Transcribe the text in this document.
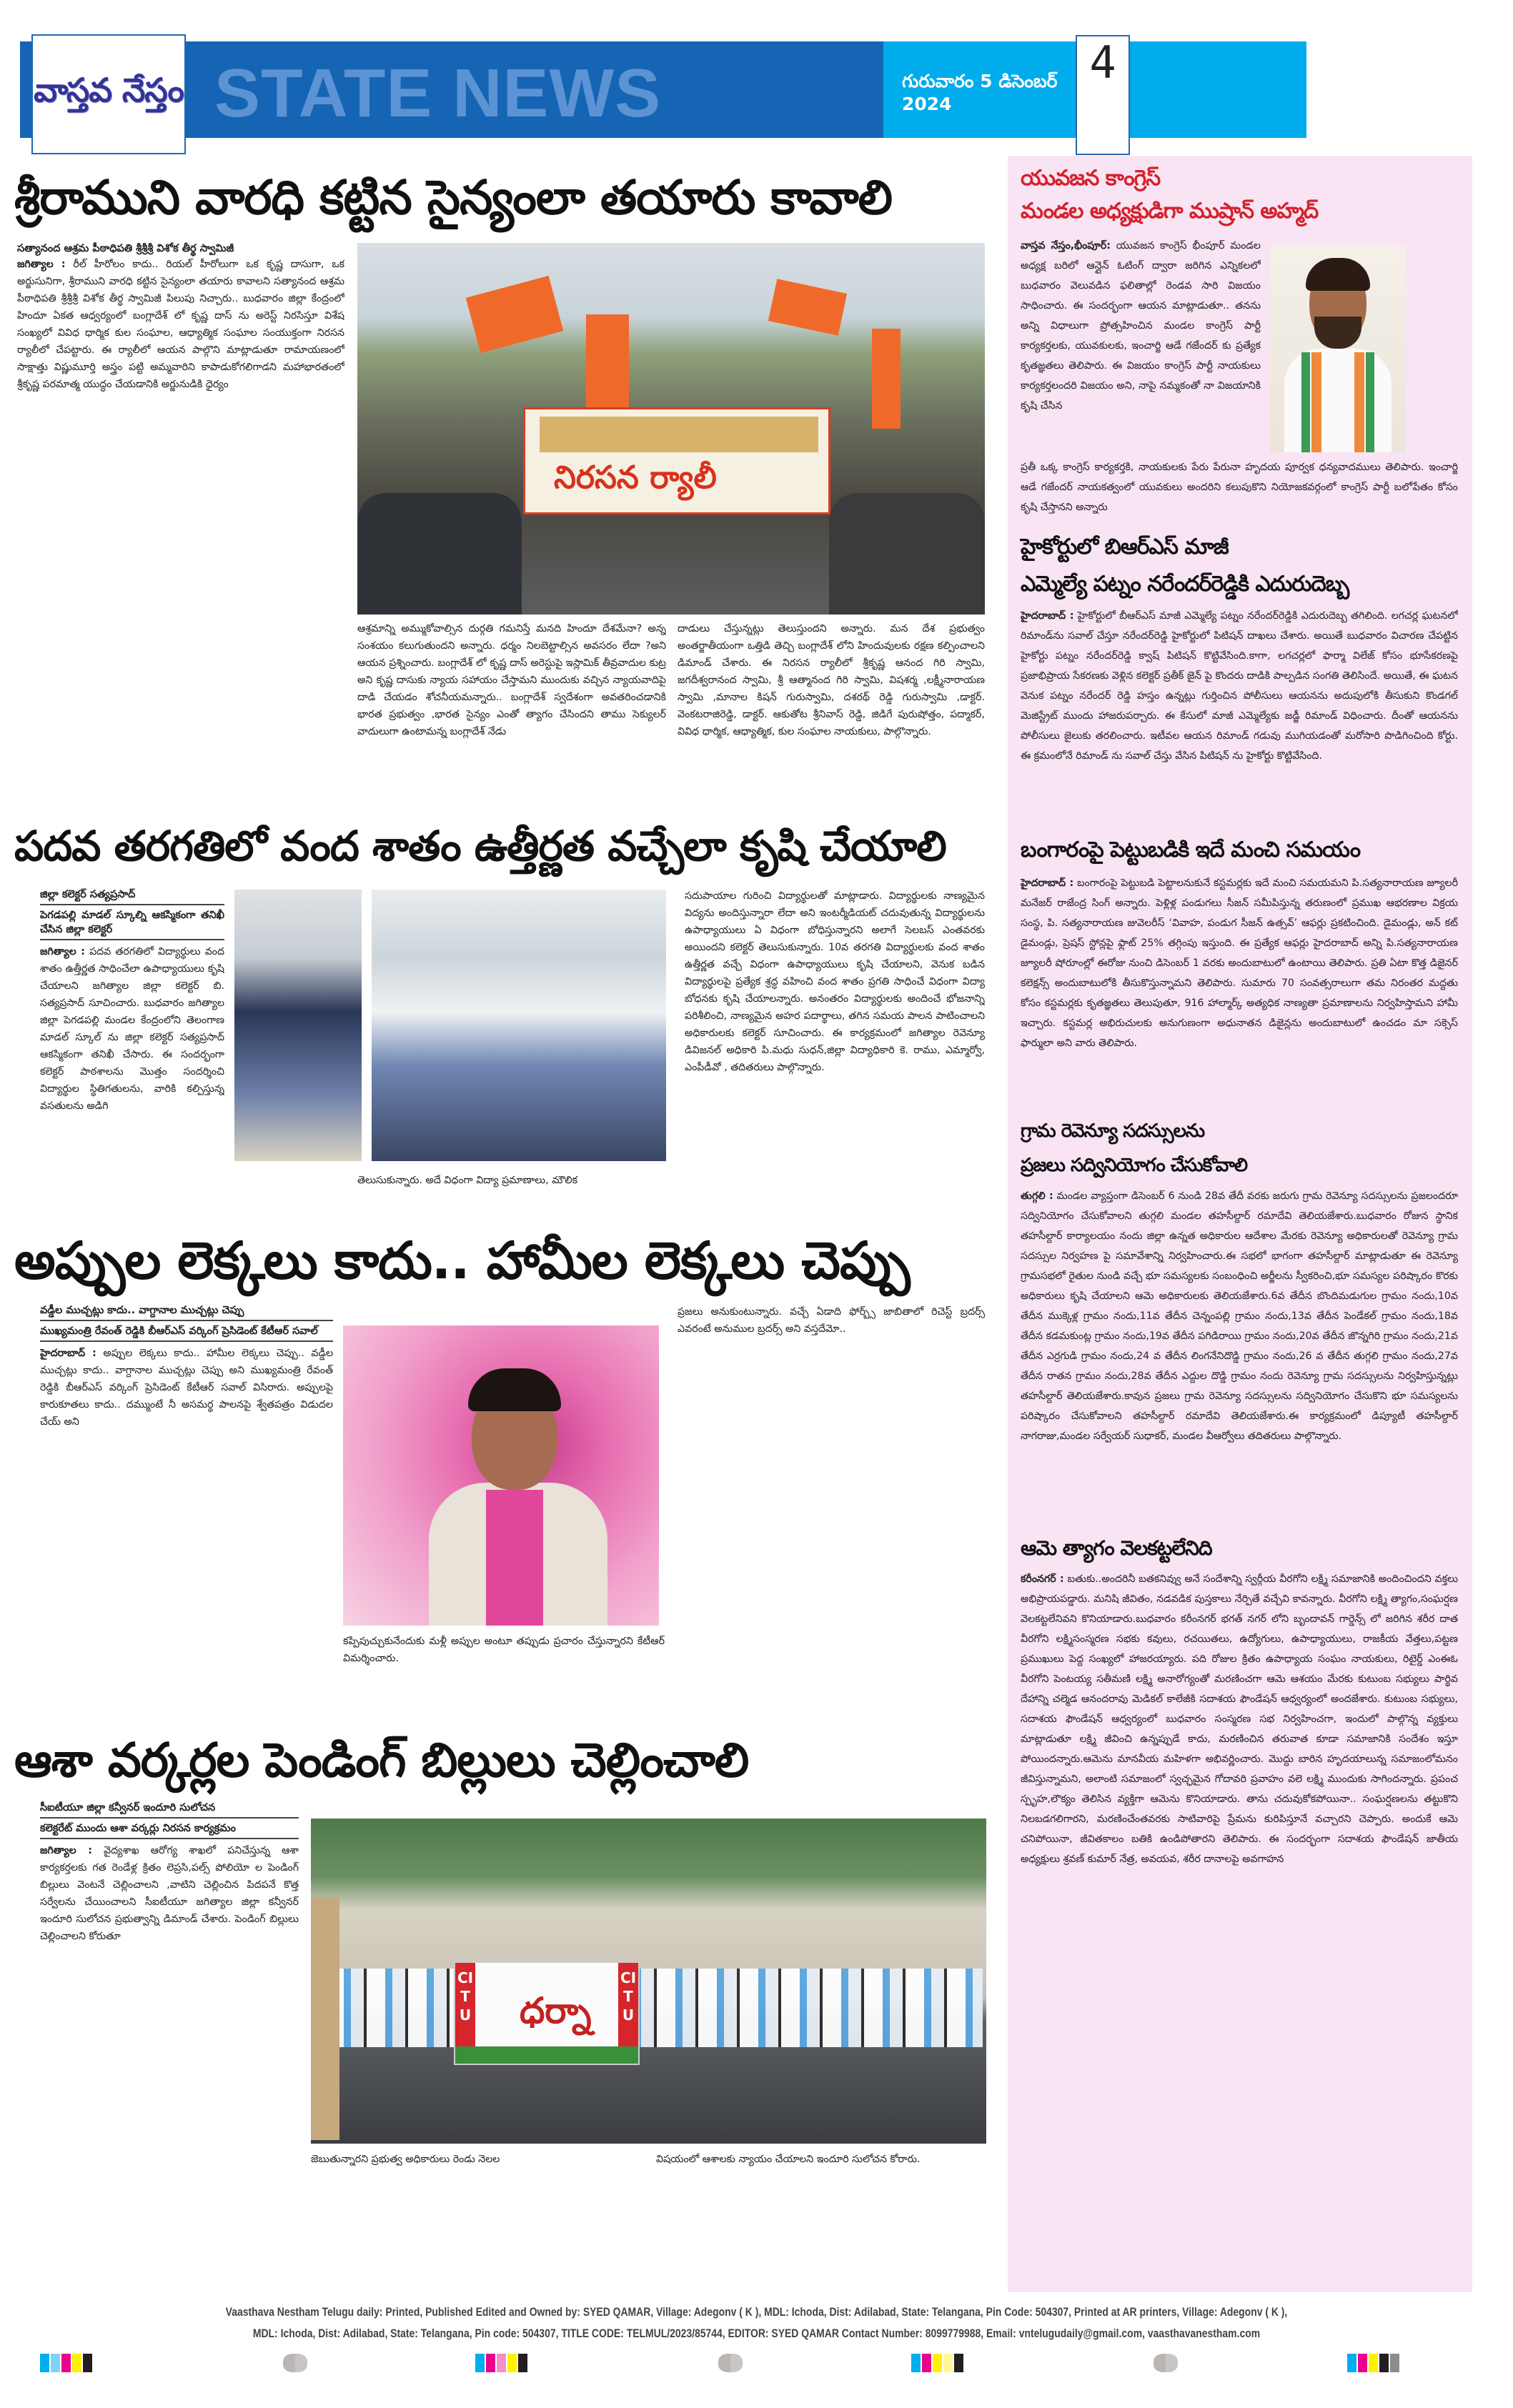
వాస్తవ నేస్తం STATE NEWS	గురువారం 5 డిసెంబర్ 2024
4
శ్రీరాముని వారధి కట్టిన సైన్యంలా తయారు కావాలి
సత్యానంద ఆశ్రమ పీఠాధిపతి శ్రీశ్రీశ్రీ విశోక తీర్థ స్వామిజీ
జగిత్యాల : రీల్ హీరోలం కాదు.. రియల్ హీరోలుగా ఒక కృష్ణ దాసుగా, ఒక అర్జుసునిగా, శ్రీరాముని వారధి కట్టిన సైన్యంలా తయారు కావాలని సత్యానంద ఆశ్రమ పీఠాధిపతి శ్రీశ్రీశ్రీ విశోక తీర్థ స్వామిజీ పిలుపు నిచ్చారు.. బుధవారం జిల్లా కేంద్రంలో హిందూ ఏకత ఆధ్వర్యంలో బంగ్లాదేశ్ లో కృష్ణ దాస్ ను అరెస్ట్ నిరసిస్తూ విశేష సంఖ్యలో వివిధ ధార్మిక కుల సంఘాల, ఆధ్యాత్మిక సంఘాల సంయుక్తంగా నిరసన ర్యాలీలో చేపట్టారు. ఈ ర్యాలీలో ఆయన పాల్గొని మాట్లాడుతూ రామాయణంలో సాక్షాత్తు విష్ణుమూర్తి అస్త్రం పట్టి అమ్మవారిని కాపాడుకోగలిగాడని మహాభారతంలో శ్రీకృష్ణ పరమాత్మ యుద్ధం చేయడానికి అర్జునుడికి ధైర్యం
నిరసన ర్యాలీ
ఆశ్రమాన్ని అమ్ముకోవాల్సిన దుర్గతి గమనిస్తే మనది హిందూ దేశమేనా? అన్న సంశయం కలుగుతుందని అన్నారు. ధర్మం నిలబెట్టాల్సిన అవసరం లేదా ?అని ఆయన ప్రశ్నించారు. బంగ్లాదేశ్ లో కృష్ణ దాస్ అరెస్టుపై ఇస్లామిక్ తీవ్రవాదుల కుట్ర అని కృష్ణ దాసుకు న్యాయ సహాయం చేస్తామని ముందుకు వచ్చిన న్యాయవాదిపై దాడి చేయడం శోచనీయమన్నారు.. బంగ్లాదేశ్ స్వదేశంగా అవతరించడానికి భారత ప్రభుత్వం ,భారత సైన్యం ఎంతో త్యాగం చేసిందని తాము సెక్యులర్ వాదులుగా ఉంటామన్న బంగ్లాదేశ్ నేడు
దాడులు చేస్తున్నట్లు తెలుస్తుందని అన్నారు. మన దేశ ప్రభుత్వం అంతర్జాతీయంగా ఒత్తిడి తెచ్చి బంగ్లాదేశ్ లోని హిందువులకు రక్షణ కల్పించాలని డిమాండ్ చేశారు. ఈ నిరసన ర్యాలీలో శ్రీకృష్ణ ఆనంద గిరి స్వామి, జగదీశ్వరానంద స్వామి, శ్రీ ఆత్మానంద గిరి స్వామి, విషశర్మ ,లక్ష్మీనారాయణ స్వామి ,మానాల కిషన్ గురుస్వామి, దశరథ్ రెడ్డి గురుస్వామి ,డాక్టర్. వెంకటరాజిరెడ్డి, డాక్టర్. ఆకుతోట శ్రీనివాస్ రెడ్డి, జిడిగే పురుషోత్తం, పద్మాకర్, వివిధ ధార్మిక, ఆధ్యాత్మిక, కుల సంఘాల నాయకులు, పాల్గొన్నారు.
పదవ తరగతిలో వంద శాతం ఉత్తీర్ణత వచ్చేలా కృషి చేయాలి
జిల్లా కలెక్టర్ సత్యప్రసాద్
పెగడపల్లి మాడల్ స్కూల్ని ఆకస్మికంగా తనిఖీ చేసిన జిల్లా కలెక్టర్
జగిత్యాల : పదవ తరగతిలో విద్యార్థులు వంద శాతం ఉత్తీర్ణత సాధించేలా ఉపాధ్యాయులు కృషి చేయాలని జగిత్యాల జిల్లా కలెక్టర్ బి. సత్యప్రసాద్ సూచించారు. బుధవారం జగిత్యాల జిల్లా పెగడపల్లి మండల కేంద్రంలోని తెలంగాణ మాడల్ స్కూల్ ను జిల్లా కలెక్టర్ సత్యప్రసాద్ ఆకస్మికంగా తనిఖీ చేసారు. ఈ సందర్భంగా కలెక్టర్ పాఠశాలను మొత్తం సందర్శించి విద్యార్థుల స్థితిగతులను, వారికి కల్పిస్తున్న వసతులను అడిగి
తెలుసుకున్నారు. అదే విధంగా విద్యా ప్రమాణాలు, మౌలిక
సదుపాయాల గురించి విద్యార్థులతో మాట్లాడారు. విద్యార్థులకు నాణ్యమైన విద్యను అందిస్తున్నారా లేదా అని ఇంటర్మీడియట్ చదువుతున్న విద్యార్థులను ఉపాధ్యాయులు ఏ విధంగా బోధిస్తున్నారని అలాగే సెలబస్ ఎంతవరకు అయిందని కలెక్టర్ తెలుసుకున్నారు. 10వ తరగతి విద్యార్థులకు వంద శాతం ఉత్తీర్ణత వచ్చే విధంగా ఉపాధ్యాయులు కృషి చేయాలని, వెనుక బడిన విద్యార్థులపై ప్రత్యేక శ్రద్ధ వహించి వంద శాతం ప్రగతి సాధించే విధంగా విద్యా బోధనకు కృషి చేయాలన్నారు. అనంతరం విద్యార్థులకు అందించే భోజనాన్ని పరిశీలించి, నాణ్యమైన అహర పదార్థాలు, తగిన సమయ పాలన పాటించాలని అధికారులకు కలెక్టర్ సూచించారు. ఈ కార్యక్రమంలో జగిత్యాల రెవెన్యూ డివిజనల్ అధికారి పి.మధు సుధన్,జిల్లా విద్యాధికారి కె. రాము, ఎమ్మార్వో, ఎంపీడీవో , తదితరులు పాల్గొన్నారు.
అప్పుల లెక్కలు కాదు.. హామీల లెక్కలు చెప్పు
వడ్డీల ముచ్చట్లు కాదు.. వాగ్దానాల ముచ్చట్లు చెప్పు
ముఖ్యమంత్రి రేవంత్ రెడ్డికి బీఆర్ఎస్ వర్కింగ్ ప్రెసిడెంట్ కేటీఆర్ సవాల్
హైదరాబాద్ : అప్పుల లెక్కలు కాదు.. హామీల లెక్కలు చెప్పు.. వడ్డీల ముచ్చట్లు కాదు.. వాగ్దానాల ముచ్చట్లు చెప్పు అని ముఖ్యమంత్రి రేవంత్ రెడ్డికి బీఆర్ఎస్ వర్కింగ్ ప్రెసిడెంట్ కేటీఆర్ సవాల్ విసిరారు. అప్పులపై కారుకూతలు కాదు.. దమ్ముంటే నీ అసమర్థ పాలనపై శ్వేతపత్రం విడుదల చేయ్ అని
కప్పిపుచ్చుకునేందుకు మళ్లీ అప్పుల అంటూ తప్పుడు ప్రచారం చేస్తున్నారని కేటీఆర్ విమర్శించారు.
ప్రజలు అనుకుంటున్నారు. వచ్చే ఏడాది ఫోర్బ్స్ జాబితాలో రిచెస్ట్ బ్రదర్స్ ఎవరంటే అనుముల బ్రదర్స్ అని వస్తదేమో..
ఆశా వర్కర్లల పెండింగ్ బిల్లులు చెల్లించాలి
సీఐటీయూ జిల్లా కన్వీనర్ ఇందూరి సులోచన
కలెక్టరేట్ ముందు ఆశా వర్కర్లు నిరసన కార్యక్రమం
జగిత్యాల : వైద్యశాఖ ఆరోగ్య శాఖలో పనిచేస్తున్న ఆశా కార్యకర్తలకు గత రెండేళ్ల క్రితం లెప్రసి,పల్స్ పోలియో ల పెండింగ్ బిల్లులు వెంటనే చెల్లించాలని ,వాటిని చెల్లించిన పిదపనే కొత్త సర్వేలను చేయించాలని సీఐటీయూ జగిత్యాల జిల్లా కన్వీనర్ ఇందూరి సులోచన ప్రభుత్వాన్ని డిమాండ్ చేశారు. పెండింగ్ బిల్లులు చెల్లించాలని కోరుతూ
CITU
CITU
ధర్నా
జెబుతున్నారని ప్రభుత్వ అధికారులు రెండు నెలల	విషయంలో ఆశాలకు న్యాయం చేయాలని ఇందూరి సులోచన కోరారు.
యువజన కాంగ్రెస్
మండల అధ్యక్షుడిగా ముష్రాన్ అహ్మద్
వాస్తవ నేస్తం,భీంపూర్: యువజన కాంగ్రెస్ భీంపూర్ మండల అధ్యక్ష బరిలో ఆన్లైన్ ఓటింగ్ ద్వారా జరిగిన ఎన్నికలలో బుధవారం వెలువడిన ఫలితాల్లో రెండవ సారి విజయం సాధించారు. ఈ సందర్భంగా ఆయన మాట్లాడుతూ.. తనను అన్ని విధాలుగా ప్రోత్సహించిన మండల కాంగ్రెస్ పార్టీ కార్యకర్తలకు, యువకులకు, ఇంచార్జి ఆడే గజేందర్ కు ప్రత్యేక కృతజ్ఞతలు తెలిపారు. ఈ విజయం కాంగ్రెస్ పార్టీ నాయకులు కార్యకర్తలందరి విజయం అని, నాపై నమ్మకంతో నా విజయానికి కృషి చేసిన
ప్రతీ ఒక్క కాంగ్రెస్ కార్యకర్తకి, నాయకులకు పేరు పేరునా హృదయ పూర్వక ధన్యవాదములు తెలిపారు. ఇంచార్జి ఆడే గజేందర్ నాయకత్వంలో యువకులు అందరిని కలుపుకొని నియోజకవర్గంలో కాంగ్రెస్ పార్టీ బలోపేతం కోసం కృషి చేస్తానని అన్నారు
హైకోర్టులో బిఆర్ఎస్ మాజీ
ఎమ్మెల్యే పట్నం నరేందర్‌రెడ్డికి ఎదురుదెబ్బ
హైదరాబాద్ : హైకోర్టులో బీఆర్ఎస్ మాజీ ఎమ్మెల్యే పట్నం నరేందర్‌రెడ్డికి ఎదురుదెబ్బ తగిలింది. లగచర్ల ఘటనలో రిమాండ్‌ను సవాల్ చేస్తూ నరేందర్‌రెడ్డి హైకోర్టులో పిటిషన్ దాఖలు చేశారు. అయితే బుధవారం విచారణ చేపట్టిన హైకోర్టు పట్నం నరేందర్‌రెడ్డి క్వాష్ పిటిషన్ కొట్టివేసింది.కాగా, లగచర్లలో ఫార్మా విలేజ్ కోసం భూసేకరణపై ప్రజాభిప్రాయ సేకరణకు వెళ్లిన కలెక్టర్ ప్రతీక్ జైన్ పై కొందరు దాడికి పాల్పడిన సంగతి తెలిసిందే. అయితే, ఈ ఘటన వెనుక పట్నం నరేందర్ రెడ్డి హస్తం ఉన్నట్లు గుర్తించిన పోలీసులు ఆయనను అదుపులోకి తీసుకుని కొండగల్ మెజిస్ట్రేట్ ముందు హాజరుపర్చారు. ఈ కేసులో మాజీ ఎమ్మెల్యేకు జడ్జీ రిమాండ్ విధించారు. దీంతో ఆయనను పోలీసులు జైలుకు తరలించారు. ఇటీవల ఆయన రిమాండ్ గడువు ముగియడంతో మరోసారి పొడిగించింది కోర్టు. ఈ క్రమంలోనే రిమాండ్ ను సవాల్ చేస్తు వేసిన పిటిషన్ ను హైకోర్టు కొట్టివేసింది.
బంగారంపై పెట్టుబడికి ఇదే మంచి సమయం
హైదరాబాద్ : బంగారంపై పెట్టుబడి పెట్టాలనుకునే కస్టమర్లకు ఇదే మంచి సమయమని పి.సత్యనారాయణ జ్యూలరీ మనేజర్ రాజేంద్ర సింగ్ అన్నారు. పెళ్లిళ్ల పండుగలు సీజన్ సమీపిస్తున్న తరుణంలో ప్రముఖ ఆభరణాల విక్రయ సంస్థ, పి. సత్యనారాయణ జువెలరీస్ ‘వివాహ, పండుగ సీజన్ ఉత్సవ్’ ఆఫర్లు ప్రకటించింది. డైమండ్లు, అన్ కట్ డైమండ్లు, ప్రెషస్ స్టోన్లపై ఫ్లాట్ 25% తగ్గింపు ఇస్తుంది. ఈ ప్రత్యేక ఆఫర్లు హైదరాబాద్ అన్ని పి.సత్యనారాయణ జ్యూలరీ షోరూంల్లో ఈరోజు నుంచి డిసెంబర్ 1 వరకు అందుబాటులో ఉంటాయి తెలిపారు. ప్రతి ఏటా కొత్త డిజైనర్ కలెక్షన్స్ అందుబాటులోకి తీసుకొస్తున్నామని తెలిపారు. సుమారు 70 సంవత్సరాలుగా తమ నిరంతర మద్దతు కోసం కస్టమర్లకు కృతజ్ఞతలు తెలుపుతూ, 916 హాల్మార్క్ అత్యధిక నాణ్యతా ప్రమాణాలను నిర్వహిస్తామని హామీ ఇచ్చారు. కస్టమర్ల అభిరుచులకు అనుగుణంగా అధునాతన డిజైన్లను అందుబాటులో ఉంచడం మా సక్సెస్ ఫార్ములా అని వారు తెలిపారు.
గ్రామ రెవెన్యూ సదస్సులను
ప్రజలు సద్వినియోగం చేసుకోవాలి
తుగ్గలి : మండల వ్యాప్తంగా డిసెంబర్ 6 నుండి 28వ తేదీ వరకు జరుగు గ్రామ రెవెన్యూ సదస్సులను ప్రజలందరూ సద్వినియోగం చేసుకోవాలని తుగ్గలి మండల తహసీల్దార్ రమాదేవి తెలియజేశారు.బుధవారం రోజున స్థానిక తహసీల్దార్ కార్యాలయం నందు జిల్లా ఉన్నత అధికారుల ఆదేశాల మేరకు రెవెన్యూ అధికారులతో రెవెన్యూ గ్రామ సదస్సుల నిర్వహణ పై సమావేశాన్ని నిర్వహించారు.ఈ సభలో భాగంగా తహసీల్దార్ మాట్లాడుతూ ఈ రెవెన్యూ గ్రామసభలో రైతుల నుండి వచ్చే భూ సమస్యలకు సంబంధించి అర్జీలను స్వీకరించి,భూ సమస్యల పరిష్కారం కొరకు అధికారులు కృషి చేయాలని ఆమె అధికారులకు తెలియజేశారు.6వ తేదీన బొందిమడుగుల గ్రామం నందు,10వ తేదీన ముక్కెళ్ల గ్రామం నందు,11వ తేదీన చెన్నంపల్లి గ్రామం నందు,13వ తేదీన పెండేకల్ గ్రామం నందు,18వ తేదీన కడమకుంట్ల గ్రామం నందు,19వ తేదీన పగిడిరాయి గ్రామం నందు,20వ తేదీన జొన్నగిరి గ్రామం నందు,21వ తేదీన ఎర్రగుడి గ్రామం నందు,24 వ తేదీన లింగనేనిదొడ్డి గ్రామం నందు,26 వ తేదీన తుగ్గలి గ్రామం నందు,27వ తేదీన రాతన గ్రామం నందు,28వ తేదీన ఎద్దుల దొడ్డి గ్రామం నందు రెవెన్యూ గ్రామ సదస్సులను నిర్వహిస్తున్నట్లు తహసీల్దార్ తెలియజేశారు.కావున ప్రజలు గ్రామ రెవెన్యూ సదస్సులను సద్వినియోగం చేసుకొని భూ సమస్యలను పరిష్కారం చేసుకోవాలని తహసీల్దార్ రమాదేవి తెలియజేశారు.ఈ కార్యక్రమంలో డిప్యూటీ తహసీల్దార్ నాగరాజు,మండల సర్వేయర్ సుధాకర్, మండల వీఆర్వోలు తదితరులు పాల్గొన్నారు.
ఆమె త్యాగం వెలకట్టలేనిది
కరీంనగర్ : బతుకు..అందరినీ బతకనివ్వు అనే సందేశాన్ని స్వర్గీయ వీరగోని లక్ష్మి సమాజానికి అందించిందని వక్తలు అభిప్రాయపడ్డారు. మనిషి జీవితం, నడవడిక పుస్తకాలు నేర్పితే వచ్చేవి కావన్నారు. వీరగోని లక్ష్మి త్యాగం,సంఘర్షణ వెలకట్టలేనివని కొనియాడారు.బుధవారం కరీంనగర్ భగత్ నగర్ లోని బృందావన్ గార్డెన్స్ లో జరిగిన శరీర దాత వీరగోని లక్ష్మిసంస్మరణ సభకు కవులు, రచయితలు, ఉద్యోగులు, ఉపాధ్యాయులు, రాజకీయ వేత్తలు,పట్టణ ప్రముఖులు పెద్ద సంఖ్యలో హాజరయ్యారు. పది రోజుల క్రితం ఉపాధ్యాయ సంఘం నాయకులు, రిటైర్డ్ ఎంఈఓ వీరగోని పెంటయ్య సతీమణి లక్ష్మి అనారోగ్యంతో మరణించగా ఆమె ఆశయం మేరకు కుటుంబ సభ్యులు పార్థివ దేహాన్ని చల్మెడ ఆనందరావు మెడికల్ కాలేజీకి సదాశయ ఫౌండేషన్ ఆధ్వర్యంలో అందజేశారు. కుటుంబ సభ్యులు, సదాశయ ఫౌండేషన్ ఆధ్వర్యంలో బుధవారం సంస్మరణ సభ నిర్వహించగా, ఇందులో పాల్గొన్న వ్యక్తులు మాట్లాడుతూ లక్ష్మి జీవించి ఉన్నప్పుడే కాదు, మరణించిన తరువాత కూడా సమాజానికి సందేశం ఇస్తూ పోయిందన్నారు.ఆమెను మానవీయ మహిళగా అభివర్ణించారు. మొద్దు బారిన హృదయాలున్న సమాజంలోమనం జీవిస్తున్నామని, అలాంటి సమాజంలో స్వచ్ఛమైన గోదావరి ప్రవాహం వలె లక్ష్మి ముందుకు సాగిందన్నారు. ప్రపంచ స్పృహ,లౌక్యం తెలిసిన వ్యక్తిగా ఆమెను కొనియాడారు. తాను చదువుకోకపోయినా.. సంఘర్షణలను తట్టుకొని నిలబడగలిగారని, మరణించేంతవరకు సాటివారిపై ప్రేమను కురిపిస్తూనే వచ్చారని చెప్పారు. అందుకే ఆమె చనిపోయినా, జీవితకాలం బతికి ఉండిపోతారని తెలిపారు. ఈ సందర్భంగా సదాశయ ఫౌండేషన్ జాతీయ అధ్యక్షులు శ్రవణ్ కుమార్ నేత్ర, అవయవ, శరీర దానాలపై అవగాహన
Vaasthava Nestham Telugu daily: Printed, Published Edited and Owned by: SYED QAMAR, Village: Adegonv ( K ), MDL: Ichoda, Dist: Adilabad, State: Telangana, Pin Code: 504307, Printed at AR printers, Village: Adegonv ( K ),
MDL: Ichoda, Dist: Adilabad, State: Telangana, Pin code: 504307, TITLE CODE: TELMUL/2023/85744, EDITOR: SYED QAMAR Contact Number: 8099779988, Email: vntelugudaily@gmail.com, vaasthavanestham.com
